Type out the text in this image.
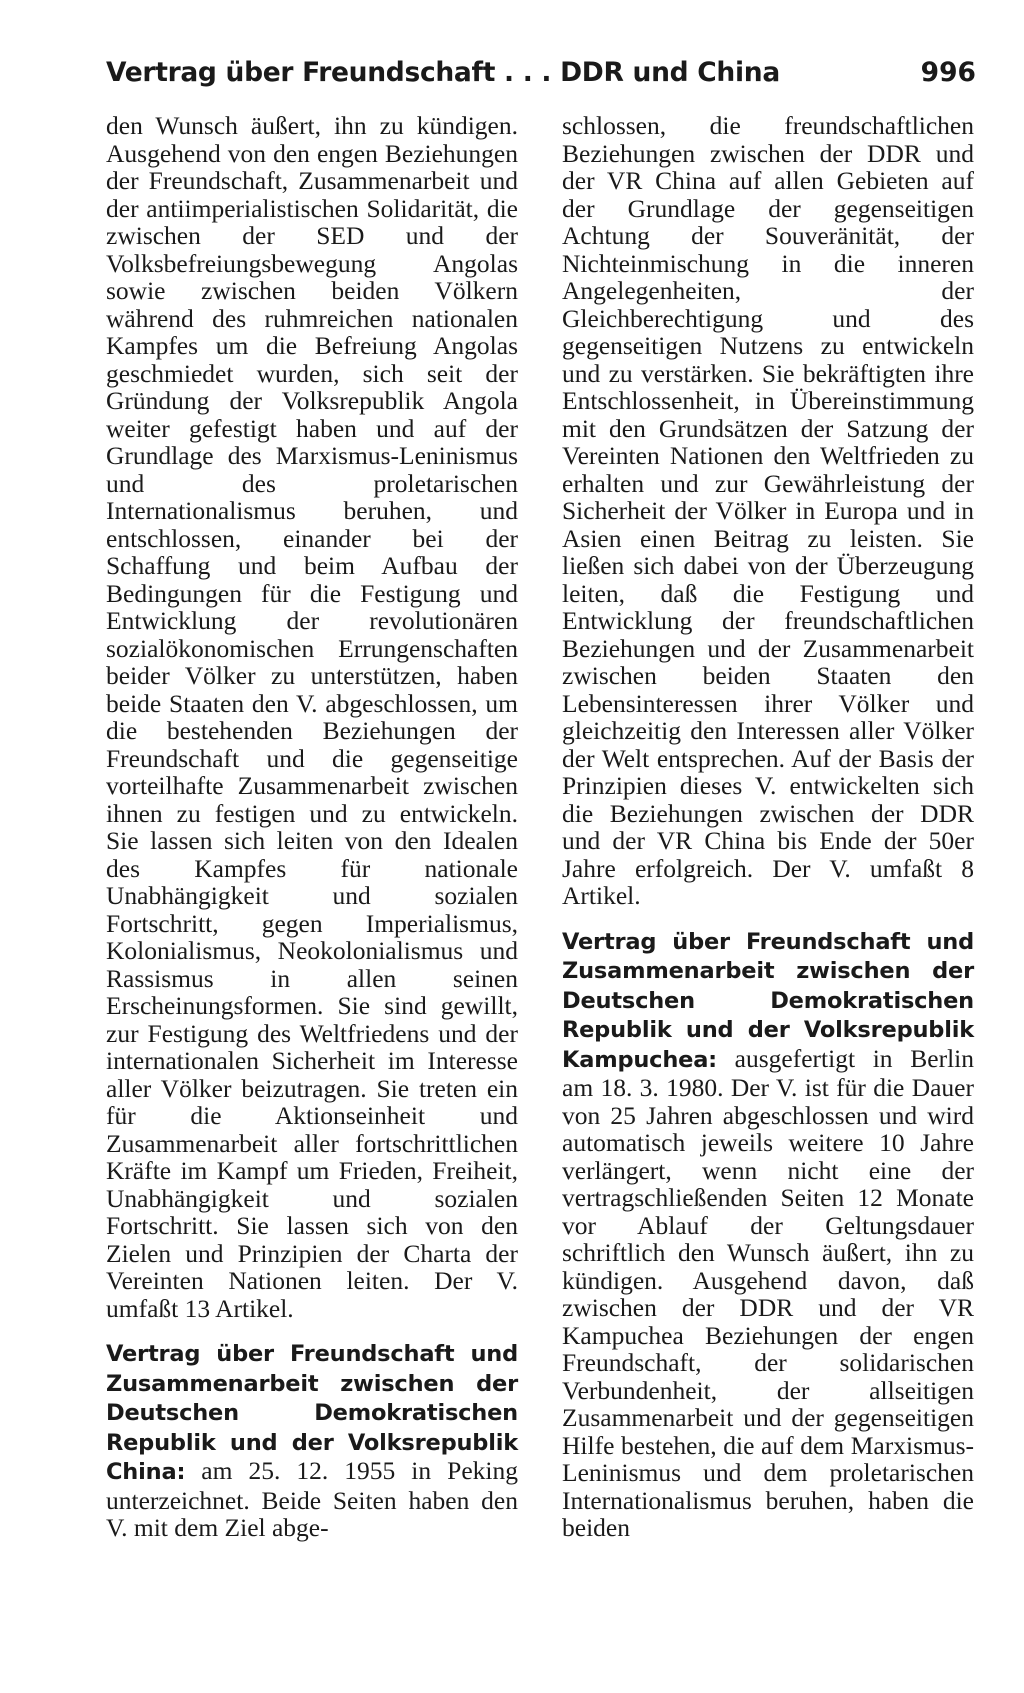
Vertrag über Freundschaft . . . DDR und China	996

den Wunsch äußert, ihn zu kündigen. Ausgehend von den engen Beziehungen der Freundschaft, Zusammenarbeit und der antiimperialistischen Solidarität, die zwischen der SED und der Volksbefreiungsbewegung Angolas sowie zwischen beiden Völkern während des ruhmreichen nationalen Kampfes um die Befreiung Angolas geschmiedet wurden, sich seit der Gründung der Volksrepublik Angola weiter gefestigt haben und auf der Grundlage des Marxismus-Leninismus und des proletarischen Internationalismus beruhen, und entschlossen, einander bei der Schaffung und beim Aufbau der Bedingungen für die Festigung und Entwicklung der revolutionären sozialökonomischen Errungenschaften beider Völker zu unterstützen, haben beide Staaten den V. abgeschlossen, um die bestehenden Beziehungen der Freundschaft und die gegenseitige vorteilhafte Zusammenarbeit zwischen ihnen zu festigen und zu entwickeln. Sie lassen sich leiten von den Idealen des Kampfes für nationale Unabhängigkeit und sozialen Fortschritt, gegen Imperialismus, Kolonialismus, Neokolonialismus und Rassismus in allen seinen Erscheinungsformen. Sie sind gewillt, zur Festigung des Weltfriedens und der internationalen Sicherheit im Interesse aller Völker beizutragen. Sie treten ein für die Aktionseinheit und Zusammenarbeit aller fortschrittlichen Kräfte im Kampf um Frieden, Freiheit, Unabhängigkeit und sozialen Fortschritt. Sie lassen sich von den Zielen und Prinzipien der Charta der Vereinten Nationen leiten. Der V. umfaßt 13 Artikel.

Vertrag über Freundschaft und Zusammenarbeit zwischen der Deutschen Demokratischen Republik und der Volksrepublik China: am 25. 12. 1955 in Peking unterzeichnet. Beide Seiten haben den V. mit dem Ziel abge-

schlossen, die freundschaftlichen Beziehungen zwischen der DDR und der VR China auf allen Gebieten auf der Grundlage der gegenseitigen Achtung der Souveränität, der Nichteinmischung in die inneren Angelegenheiten, der Gleichberechtigung und des gegenseitigen Nutzens zu entwickeln und zu verstärken. Sie bekräftigten ihre Entschlossenheit, in Übereinstimmung mit den Grundsätzen der Satzung der Vereinten Nationen den Weltfrieden zu erhalten und zur Gewährleistung der Sicherheit der Völker in Europa und in Asien einen Beitrag zu leisten. Sie ließen sich dabei von der Überzeugung leiten, daß die Festigung und Entwicklung der freundschaftlichen Beziehungen und der Zusammenarbeit zwischen beiden Staaten den Lebensinteressen ihrer Völker und gleichzeitig den Interessen aller Völker der Welt entsprechen. Auf der Basis der Prinzipien dieses V. entwickelten sich die Beziehungen zwischen der DDR und der VR China bis Ende der 50er Jahre erfolgreich. Der V. umfaßt 8 Artikel.

Vertrag über Freundschaft und Zusammenarbeit zwischen der Deutschen Demokratischen Republik und der Volksrepublik Kampuchea: ausgefertigt in Berlin am 18. 3. 1980. Der V. ist für die Dauer von 25 Jahren abgeschlossen und wird automatisch jeweils weitere 10 Jahre verlängert, wenn nicht eine der vertragschließenden Seiten 12 Monate vor Ablauf der Geltungsdauer schriftlich den Wunsch äußert, ihn zu kündigen. Ausgehend davon, daß zwischen der DDR und der VR Kampuchea Beziehungen der engen Freundschaft, der solidarischen Verbundenheit, der allseitigen Zusammenarbeit und der gegenseitigen Hilfe bestehen, die auf dem Marxismus-Leninismus und dem proletarischen Internationalismus beruhen, haben die beiden
